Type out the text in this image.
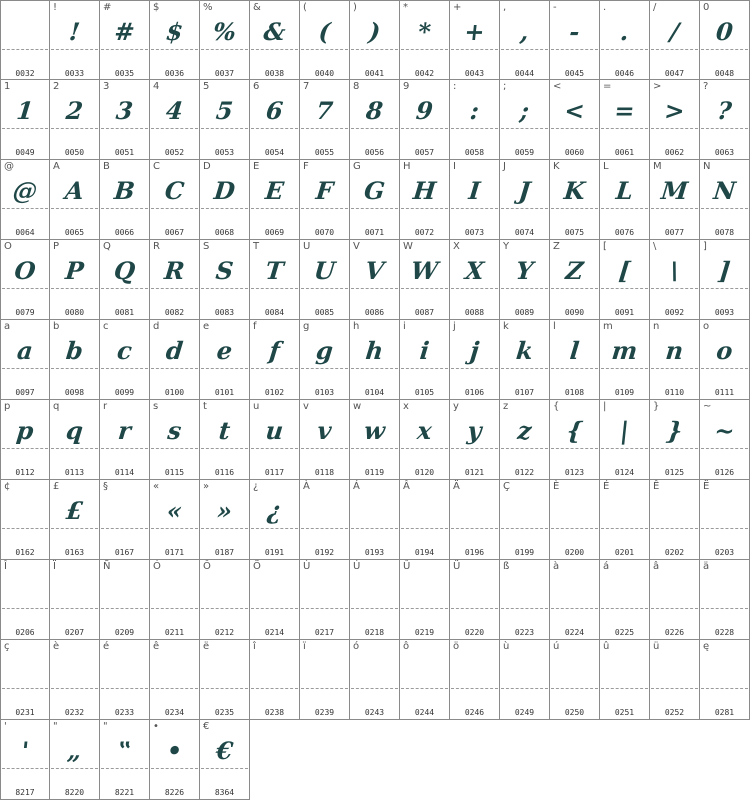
0032
!
!
0033
#
#
0035
$
$
0036
%
%
0037
&
&
0038
(
(
0040
)
)
0041
*
*
0042
+
+
0043
,
,
0044
-
-
0045
.
.
0046
/
/
0047
0
0
0048
1
1
0049
2
2
0050
3
3
0051
4
4
0052
5
5
0053
6
6
0054
7
7
0055
8
8
0056
9
9
0057
:
:
0058
;
;
0059
<
<
0060
=
=
0061
>
>
0062
?
?
0063
@
@
0064
A
A
0065
B
B
0066
C
C
0067
D
D
0068
E
E
0069
F
F
0070
G
G
0071
H
H
0072
I
I
0073
J
J
0074
K
K
0075
L
L
0076
M
M
0077
N
N
0078
O
O
0079
P
P
0080
Q
Q
0081
R
R
0082
S
S
0083
T
T
0084
U
U
0085
V
V
0086
W
W
0087
X
X
0088
Y
Y
0089
Z
Z
0090
[
[
0091
\
\
0092
]
]
0093
a
a
0097
b
b
0098
c
c
0099
d
d
0100
e
e
0101
f
f
0102
g
g
0103
h
h
0104
i
i
0105
j
j
0106
k
k
0107
l
l
0108
m
m
0109
n
n
0110
o
o
0111
p
p
0112
q
q
0113
r
r
0114
s
s
0115
t
t
0116
u
u
0117
v
v
0118
w
w
0119
x
x
0120
y
y
0121
z
z
0122
{
{
0123
|
|
0124
}
}
0125
~
~
0126
¢
0162
£
£
0163
§
0167
«
«
0171
»
»
0187
¿
¿
0191
À
0192
Á
0193
Â
0194
Ä
0196
Ç
0199
È
0200
É
0201
Ê
0202
Ë
0203
Î
0206
Ï
0207
Ñ
0209
Ó
0211
Ô
0212
Ö
0214
Ù
0217
Ú
0218
Û
0219
Ü
0220
ß
0223
à
0224
á
0225
â
0226
ä
0228
ç
0231
è
0232
é
0233
ê
0234
ë
0235
î
0238
ï
0239
ó
0243
ô
0244
ö
0246
ù
0249
ú
0250
û
0251
ü
0252
ę
0281
'
'
8217
"
„
8220
"
‟
8221
•
•
8226
€
€
8364
